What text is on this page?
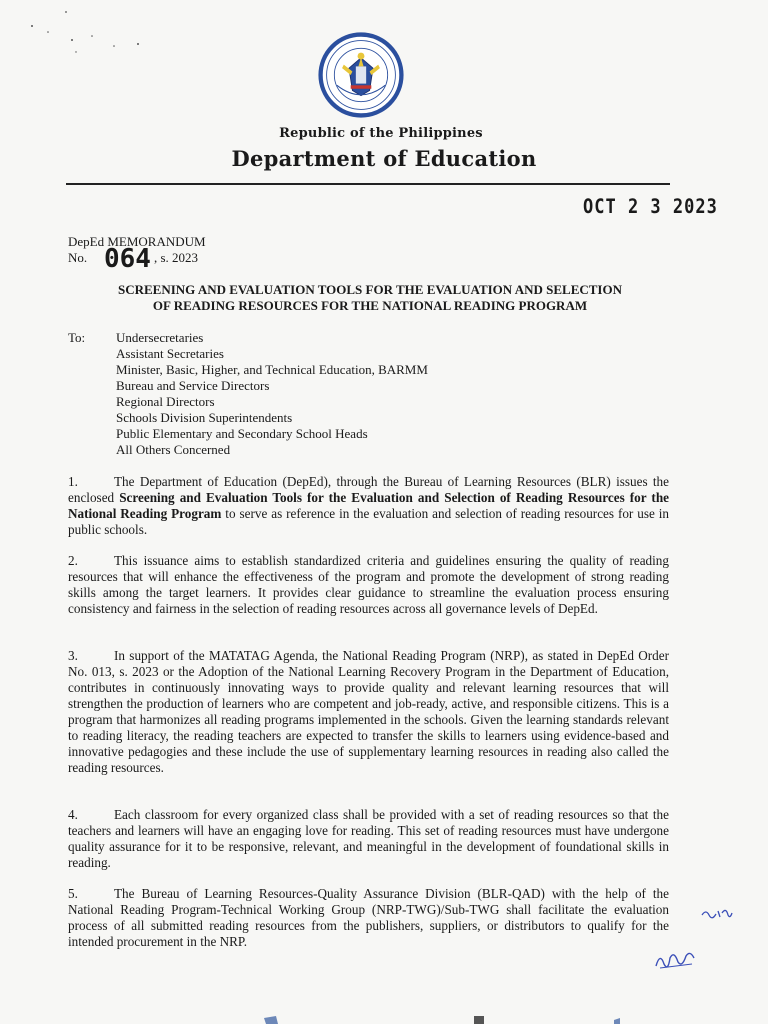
Republic of the Philippines
Department of Education
OCT 2 3 2023
DepEd MEMORANDUM
No. 064 , s. 2023
SCREENING AND EVALUATION TOOLS FOR THE EVALUATION AND SELECTION
OF READING RESOURCES FOR THE NATIONAL READING PROGRAM
To: Undersecretaries
Assistant Secretaries
Minister, Basic, Higher, and Technical Education, BARMM
Bureau and Service Directors
Regional Directors
Schools Division Superintendents
Public Elementary and Secondary School Heads
All Others Concerned
1.	The Department of Education (DepEd), through the Bureau of Learning Resources (BLR) issues the enclosed Screening and Evaluation Tools for the Evaluation and Selection of Reading Resources for the National Reading Program to serve as reference in the evaluation and selection of reading resources for use in public schools.
2.	This issuance aims to establish standardized criteria and guidelines ensuring the quality of reading resources that will enhance the effectiveness of the program and promote the development of strong reading skills among the target learners. It provides clear guidance to streamline the evaluation process ensuring consistency and fairness in the selection of reading resources across all governance levels of DepEd.
3.	In support of the MATATAG Agenda, the National Reading Program (NRP), as stated in DepEd Order No. 013, s. 2023 or the Adoption of the National Learning Recovery Program in the Department of Education, contributes in continuously innovating ways to provide quality and relevant learning resources that will strengthen the production of learners who are competent and job-ready, active, and responsible citizens. This is a program that harmonizes all reading programs implemented in the schools. Given the learning standards relevant to reading literacy, the reading teachers are expected to transfer the skills to learners using evidence-based and innovative pedagogies and these include the use of supplementary learning resources in reading also called the reading resources.
4.	Each classroom for every organized class shall be provided with a set of reading resources so that the teachers and learners will have an engaging love for reading. This set of reading resources must have undergone quality assurance for it to be responsive, relevant, and meaningful in the development of foundational skills in reading.
5.	The Bureau of Learning Resources-Quality Assurance Division (BLR-QAD) with the help of the National Reading Program-Technical Working Group (NRP-TWG)/Sub-TWG shall facilitate the evaluation process of all submitted reading resources from the publishers, suppliers, or distributors to qualify for the intended procurement in the NRP.
